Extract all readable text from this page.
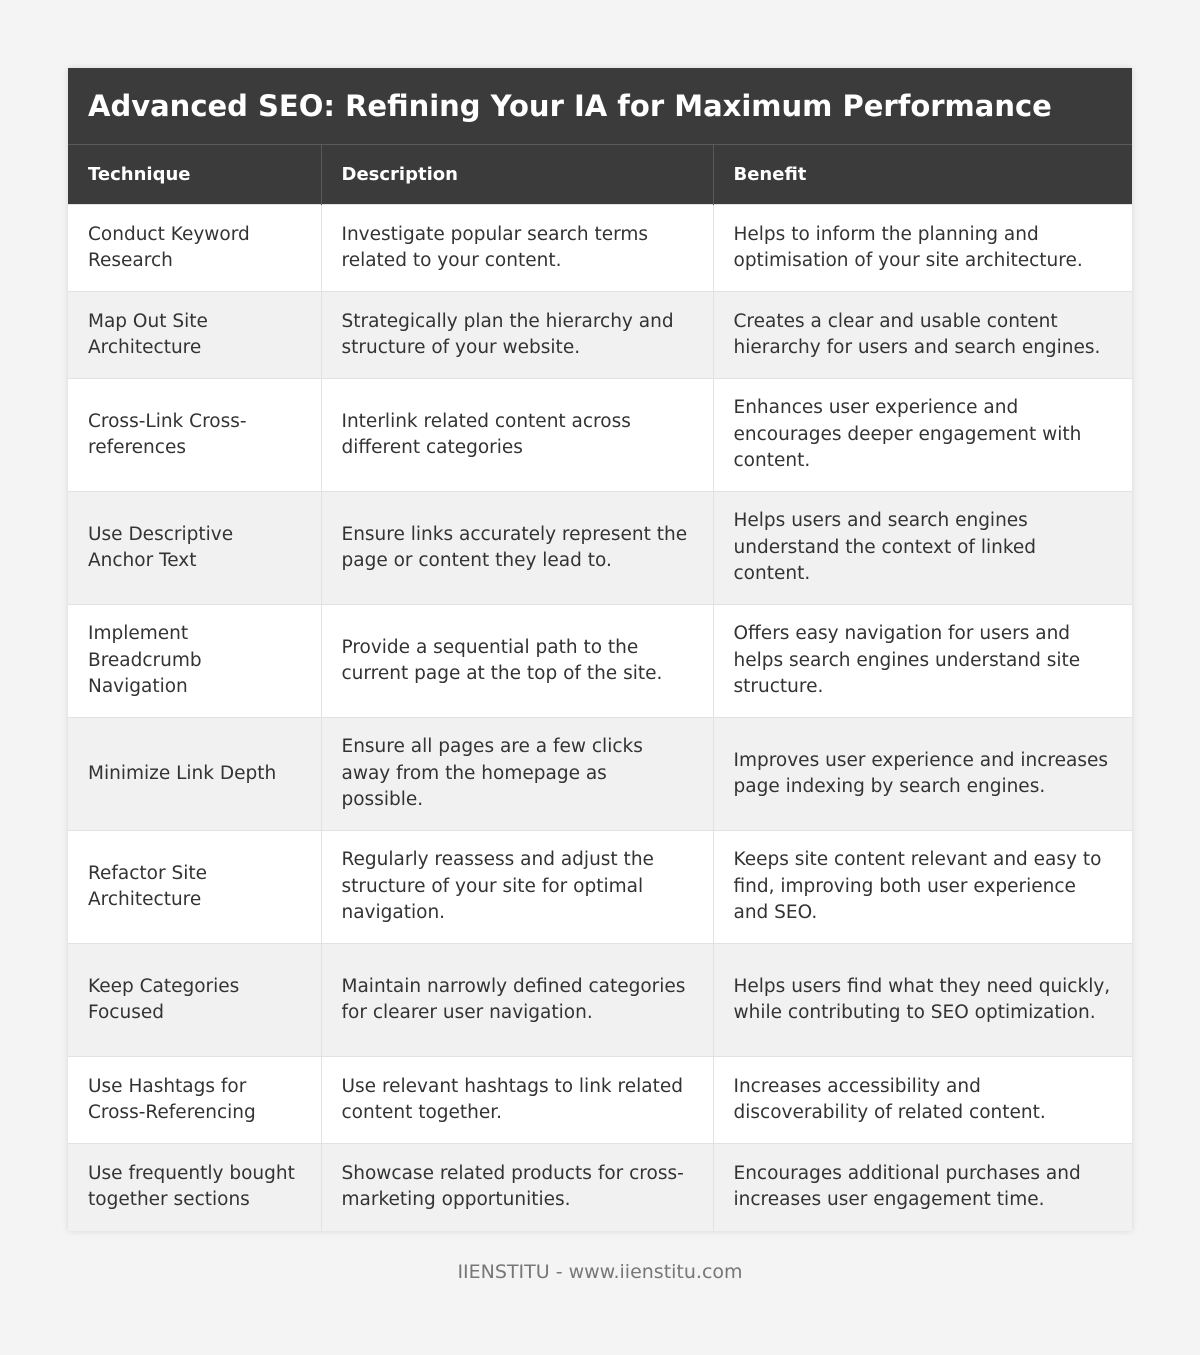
Advanced SEO: Refining Your IA for Maximum Performance
Technique	Description	Benefit
Conduct Keyword Research	Investigate popular search terms related to your content.	Helps to inform the planning and optimisation of your site architecture.
Map Out Site Architecture	Strategically plan the hierarchy and structure of your website.	Creates a clear and usable content hierarchy for users and search engines.
Cross-Link Cross-references	Interlink related content across different categories	Enhances user experience and encourages deeper engagement with content.
Use Descriptive Anchor Text	Ensure links accurately represent the page or content they lead to.	Helps users and search engines understand the context of linked content.
Implement Breadcrumb Navigation	Provide a sequential path to the current page at the top of the site.	Offers easy navigation for users and helps search engines understand site structure.
Minimize Link Depth	Ensure all pages are a few clicks away from the homepage as possible.	Improves user experience and increases page indexing by search engines.
Refactor Site Architecture	Regularly reassess and adjust the structure of your site for optimal navigation.	Keeps site content relevant and easy to find, improving both user experience and SEO.
Keep Categories Focused	Maintain narrowly defined categories for clearer user navigation.	Helps users find what they need quickly, while contributing to SEO optimization.
Use Hashtags for Cross-Referencing	Use relevant hashtags to link related content together.	Increases accessibility and discoverability of related content.
Use frequently bought together sections	Showcase related products for cross-marketing opportunities.	Encourages additional purchases and increases user engagement time.
IIENSTITU - www.iienstitu.com
